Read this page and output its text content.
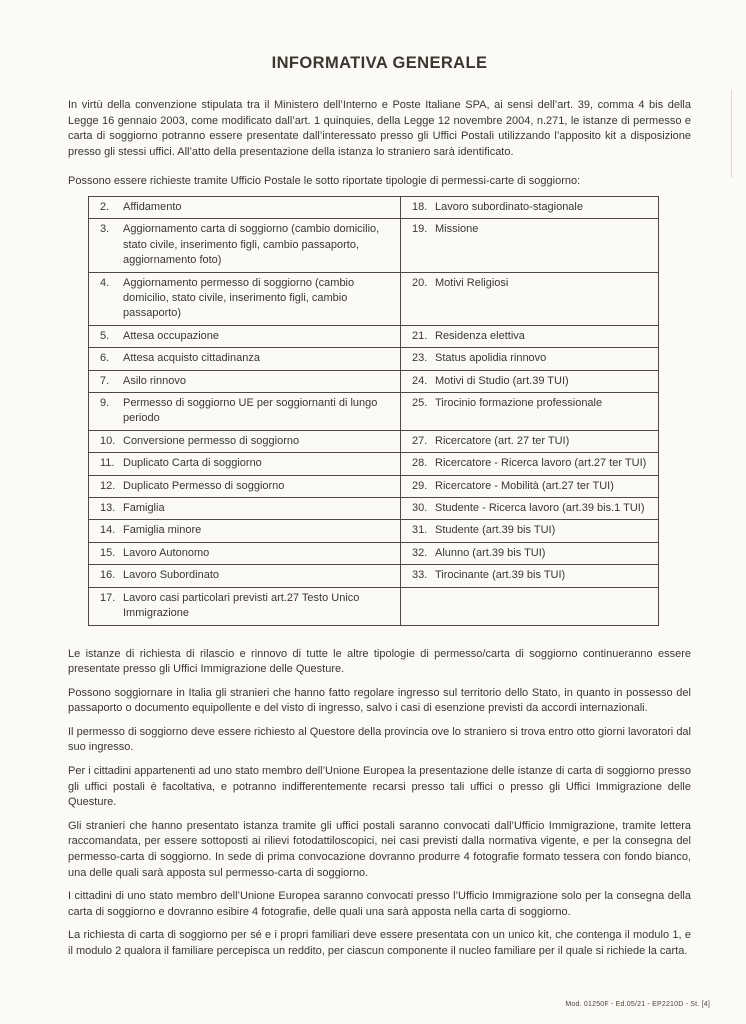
INFORMATIVA GENERALE

In virtù della convenzione stipulata tra il Ministero dell’Interno e Poste Italiane SPA, ai sensi dell’art. 39, comma 4 bis della Legge 16 gennaio 2003, come modificato dall’art. 1 quinquies, della Legge 12 novembre 2004, n.271, le istanze di permesso e carta di soggiorno potranno essere presentate dall’interessato presso gli Uffici Postali utilizzando l’apposito kit a disposizione presso gli stessi uffici. All’atto della presentazione della istanza lo straniero sarà identificato.

Possono essere richieste tramite Ufficio Postale le sotto riportate tipologie di permessi-carte di soggiorno:

2. Affidamento	18. Lavoro subordinato-stagionale

3. Aggiornamento carta di soggiorno (cambio domicilio, stato civile, inserimento figli, cambio passaporto, aggiornamento foto)	19. Missione

4. Aggiornamento permesso di soggiorno (cambio domicilio, stato civile, inserimento figli, cambio passaporto)	20. Motivi Religiosi

5. Attesa occupazione	21. Residenza elettiva

6. Attesa acquisto cittadinanza	23. Status apolidia rinnovo

7. Asilo rinnovo	24. Motivi di Studio (art.39 TUI)

9. Permesso di soggiorno UE per soggiornanti di lungo periodo	25. Tirocinio formazione professionale

10. Conversione permesso di soggiorno	27. Ricercatore (art. 27 ter TUI)

11. Duplicato Carta di soggiorno	28. Ricercatore - Ricerca lavoro (art.27 ter TUI)

12. Duplicato Permesso di soggiorno	29. Ricercatore - Mobilità (art.27 ter TUI)

13. Famiglia	30. Studente - Ricerca lavoro (art.39 bis.1 TUI)

14. Famiglia minore	31. Studente (art.39 bis TUI)

15. Lavoro Autonomo	32. Alunno (art.39 bis TUI)

16. Lavoro Subordinato	33. Tirocinante (art.39 bis TUI)

17. Lavoro casi particolari previsti art.27 Testo Unico Immigrazione	

Le istanze di richiesta di rilascio e rinnovo di tutte le altre tipologie di permesso/carta di soggiorno continueranno essere presentate presso gli Uffici Immigrazione delle Questure.

Possono soggiornare in Italia gli stranieri che hanno fatto regolare ingresso sul territorio dello Stato, in quanto in possesso del passaporto o documento equipollente e del visto di ingresso, salvo i casi di esenzione previsti da accordi internazionali.

Il permesso di soggiorno deve essere richiesto al Questore della provincia ove lo straniero si trova entro otto giorni lavoratori dal suo ingresso.

Per i cittadini appartenenti ad uno stato membro dell’Unione Europea la presentazione delle istanze di carta di soggiorno presso gli uffici postali è facoltativa, e potranno indifferentemente recarsi presso tali uffici o presso gli Uffici Immigrazione delle Questure.

Gli stranieri che hanno presentato istanza tramite gli uffici postali saranno convocati dall’Ufficio Immigrazione, tramite lettera raccomandata, per essere sottoposti ai rilievi fotodattiloscopici, nei casi previsti dalla normativa vigente, e per la consegna del permesso-carta di soggiorno. In sede di prima convocazione dovranno produrre 4 fotografie formato tessera con fondo bianco, una delle quali sarà apposta sul permesso-carta di soggiorno.

I cittadini di uno stato membro dell’Unione Europea saranno convocati presso l’Ufficio Immigrazione solo per la consegna della carta di soggiorno e dovranno esibire 4 fotografie, delle quali una sarà apposta nella carta di soggiorno.

La richiesta di carta di soggiorno per sé e i propri familiari deve essere presentata con un unico kit, che contenga il modulo 1, e il modulo 2 qualora il familiare percepisca un reddito, per ciascun componente il nucleo familiare per il quale si richiede la carta.

Mod. 01250F - Ed.05/21 - EP2210D - St. [4]
